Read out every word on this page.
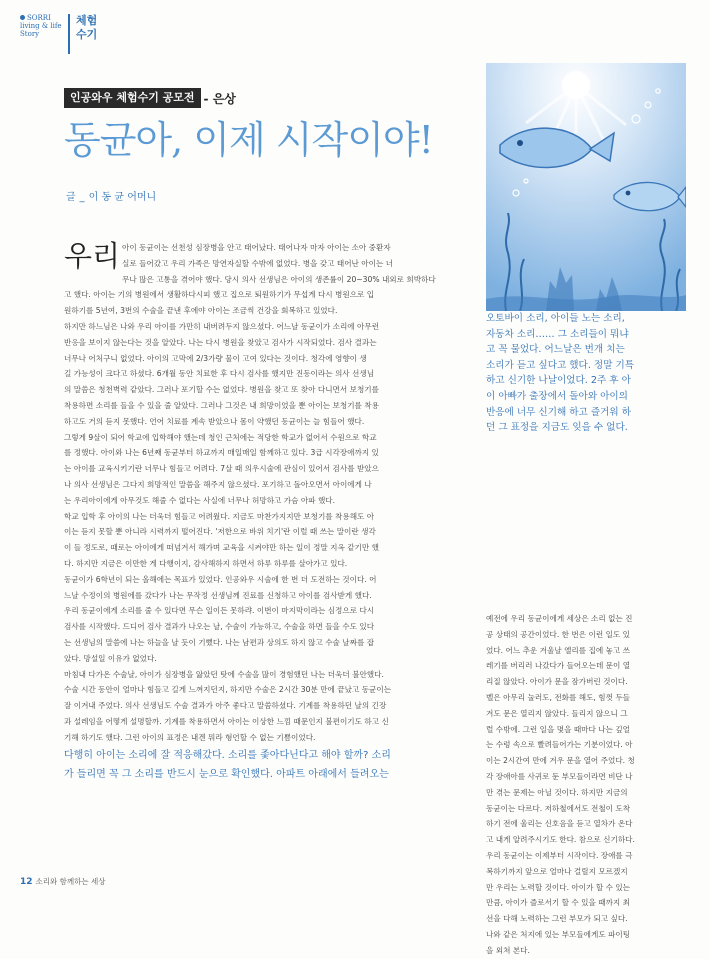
SORRI
living & life
Story
체험
수기
인공와우 체험수기 공모전 - 은상
동균아, 이제 시작이야!
글 _ 이 동 균 어머니
오토바이 소리, 아이들 노는 소리,
자동차 소리…… 그 소리들이 뭐냐
고 꼭 물었다. 어느날은 번개 치는
소리가 듣고 싶다고 했다. 정말 기특
하고 신기한 나날이었다. 2주 후 아
이 아빠가 출장에서 돌아와 아이의
반응에 너무 신기해 하고 즐거워 하
던 그 표정을 지금도 잊을 수 없다.
우리 아이 동균이는 선천성 심장병을 안고 태어났다. 태어나자 마자 아이는 소아 중환자

실로 들어갔고 우리 가족은 망연자실할 수밖에 없었다. 병을 갖고 태어난 아이는 너

무나 많은 고통을 겪어야 했다. 당시 의사 선생님은 아이의 생존률이 20~30% 내외로 희박하다

고 했다. 아이는 기의 병원에서 생활하다시피 했고 집으로 퇴원하기가 무섭게 다시 병원으로 입

원하기를 5년여, 3번의 수술을 끝낸 후에야 아이는 조금씩 건강을 회복하고 있었다.

하지만 하느님은 나와 우리 아이를 가만히 내버려두지 않으셨다. 어느날 동균이가 소리에 아무런

반응을 보이지 않는다는 것을 알았다. 나는 다시 병원을 찾았고 검사가 시작되었다. 검사 결과는

너무나 어처구니 없었다. 아이의 고막에 2/3가량 물이 고여 있다는 것이다. 청각에 영향이 생

길 가능성이 크다고 하셨다. 6개월 동안 치료한 후 다시 검사를 했지만 진동이라는 의사 선생님

의 말씀은 청천벽력 같았다. 그러나 포기할 수는 없었다. 병원을 찾고 또 찾아 다니면서 보청기를

착용하면 소리를 들을 수 있을 줄 알았다. 그러나 그것은 내 희망이었을 뿐 아이는 보청기를 착용

하고도 거의 듣지 못했다. 언어 치료를 계속 받았으나 몸이 약했던 동균이는 늘 힘들어 했다.

그렇게 9살이 되어 학교에 입학해야 했는데 청인 근처에는 적당한 학교가 없어서 수원으로 학교

를 정했다. 아이와 나는 6년째 동균부터 하교까지 매일매일 함께하고 있다. 3급 시각장애까지 있

는 아이를 교육시키기란 너무나 힘들고 어려다. 7살 때 의우시술에 관심이 있어서 검사를 받았으

나 의사 선생님은 그다지 희망적인 말씀을 해주지 않으셨다. 포기하고 돌아오면서 아이에게 나

는 우리아이에게 아무것도 해줄 수 없다는 사실에 너무나 허망하고 가슴 아파 했다.

학교 입학 후 아이의 나는 더욱더 힘들고 어려웠다. 지금도 마찬가지지만 보청기를 착용해도 아

이는 듣지 못할 뿐 아니라 시력까지 떨어진다. '저한으로 바위 치기'란 이럴 때 쓰는 말이란 생각

이 들 정도로, 때로는 아이에게 떠넘겨서 해가며 교육을 시켜야만 하는 일이 정말 지옥 같기만 했

다. 하지만 지금은 이만한 게 다행이지, 감사해하지 하면서 하루 하루를 살아가고 있다.

동균이가 6학년이 되는 올해에는 목표가 있었다. 인공와우 시술에 한 번 더 도전하는 것이다. 어

느날 수정이의 병원에를 갔다가 나는 무작정 선생님께 진료를 신청하고 아이를 검사받게 했다.

우리 동균이에게 소리를 줄 수 있다면 무슨 일이든 못하랴. 이번이 마지막이라는 심정으로 다시

검사를 시작했다. 드디어 검사 결과가 나오는 날, 수술이 가능하고, 수술을 하면 들을 수도 있다

는 선생님의 말씀에 나는 하늘을 날 듯이 기뻤다. 나는 남편과 상의도 하지 않고 수술 날짜를 잡

았다. 망설일 이유가 없었다.

마침내 다가온 수술날, 아이가 심장병을 앓았던 탓에 수술을 많이 경험했던 나는 더욱더 불안했다.

수술 시간 동안이 얼마나 힘들고 길게 느껴지던지, 하지만 수술은 2시간 30분 만에 끝났고 동균이는

잘 이겨내 주었다. 의사 선생님도 수술 결과가 아주 좋다고 말씀하셨다. 기계를 착용하던 날의 긴장

과 설레임을 어떻게 설명할까. 기계를 착용하면서 아이는 이상한 느낌 때문인지 불편이기도 하고 신

기해 하기도 했다. 그런 아이의 표정은 내겐 뭐라 형언할 수 없는 기쁨이었다.

다행히 아이는 소리에 잘 적응해갔다. 소리를 좇아다닌다고 해야 할까? 소리

가 들리면 꼭 그 소리를 반드시 눈으로 확인했다. 아파트 아래에서 들려오는

예전에 우리 동균이에게 세상은 소리 없는 진

공 상태의 공간이었다. 한 번은 이런 일도 있

었다. 어느 추운 겨울날 엘리를 집에 놓고 쓰

레기를 버리러 나갔다가 들어오는데 문이 열

리질 않았다. 아이가 문을 잠가버린 것이다.

벨은 아무리 눌러도, 전화를 해도, 힘껏 두들

겨도 문은 열리지 않았다. 들리지 않으니 그

럴 수밖에. 그런 일을 몇을 때마다 나는 깊얼

는 수렁 속으로 빨려들어가는 기분이었다. 아

이는 2시간여 만에 겨우 문을 열어 주었다. 청

각 장애아를 사귀로 둔 부모들이라면 비단 나

만 겪는 문제는 아닐 것이다. 하지만 지금의

동균이는 다르다. 저하철에서도 전철이 도착

하기 전에 울리는 신호음을 듣고 열차가 온다

고 내게 알려주시기도 한다. 참으로 신기하다.

우리 동균이는 이제부터 시작이다. 장애를 극

복하기까지 앞으로 얼마나 걸릴지 모르겠지

만 우리는 노력할 것이다. 아이가 할 수 있는

만큼, 아이가 즐로서기 할 수 있을 때까지 최

선을 다해 노력하는 그런 부모가 되고 싶다.

나와 같은 처지에 있는 부모들에게도 파이팅

을 외쳐 본다.

12 소리와 함께하는 세상
